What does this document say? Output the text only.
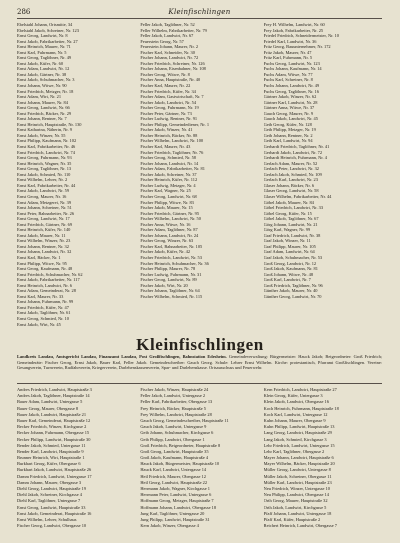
286	Kleinfischlingen
Ebelstahl Johann, Ortsmitte, 34
Ebelstahl Jakob, Schreiner, Nr. 123
Ernst Georg, Landwirt, Nr. 8
Ernst Jakob, Fabrikarbeiter, Nr. 27
Ernst Heinrich, Maurer, Nr. 71
Ernst Karl, Fuhrmann, Nr. 5
Ernst Georg, Taglöhner, Nr. 49
Ernst Jakob, Küfer, Nr. 60
Ernst Adam, Landwirt, Nr. 12
Ernst Jakob, Gärtner, Nr. 38
Ernst Jakob, Schuhmacher, Nr. 3
Ernst Johann, Witwe, Nr. 90
Ernst Friedrich, Metzger, Nr. 18
Ernst Adam, Wirt, Nr. 21
Ernst Johann, Maurer, Nr. 84
Ernst Georg, Landwirt, Nr. 66
Ernst Friedrich, Bäcker, Nr. 29
Ernst Johann, Rentner, Nr. 7
Ernst Heinrich, Hauptstraße, Nr. 130
Ernst Katharina, Näherin, Nr. 9
Ernst Jakob, Winzer, Nr. 55
Ernst Philipp, Kaufmann, Nr. 102
Ernst Karl, Fabrikarbeiter, Nr. 46
Ernst Friedrich, Landwirt, Nr. 74
Ernst Georg, Fuhrmann, Nr. 93
Ernst Heinrich, Wagner, Nr. 35
Ernst Georg, Taglöhner, Nr. 13
Ernst Jakob, Schmied, Nr. 110
Ernst Wilhelm, Lehrer, Nr. 2
Ernst Karl, Fabrikarbeiter, Nr. 44
Ernst Jakob, Landwirt, Nr. 59
Ernst Georg, Maurer, Nr. 16
Ernst Adam, Metzgerei, Nr. 39
Ernst Johann, Schreiner, Nr. 51
Ernst Peter, Bahnarbeiter, Nr. 26
Ernst Georg, Landwirt, Nr. 17
Ernst Friedrich, Gärtner, Nr. 69
Ernst Heinrich, Küfer, Nr. 140
Ernst Jakob, Maurer, Nr. 11
Ernst Wilhelm, Winzer, Nr. 23
Ernst Johann, Rentner, Nr. 32
Ernst Johann, Landwirt, Nr. 32
Ernst Karl, Bäcker, Nr. 1
Ernst Philipp, Witwe, Nr. 95
Ernst Georg, Kaufmann, Nr. 48
Ernst Friedrich, Schuhmacher, Nr. 62
Ernst Jakob, Fabrikarbeiter, Nr. 117
Ernst Heinrich, Landwirt, Nr. 6
Ernst Adam, Gemeinderat, Nr. 28
Ernst Karl, Maurer, Nr. 33
Ernst Johann, Fuhrmann, Nr. 99
Ernst Friedrich, Küfer, Nr. 47
Ernst Jakob, Taglöhner, Nr. 61
Ernst Georg, Schmied, Nr. 10
Ernst Jakob, Wirt, Nr. 45
Feller Jakob, Taglöhner, Nr. 52
Feller Wilhelm, Fabrikarbeiter, Nr. 79
Feller Jakob, Landwirt, Nr. 67
Feuerstein Georg, Nr. 57
Feuerstein Johann, Maurer, Nr. 2
Fischer Karl, Schneider, Nr. 30
Fischer Johann, Landwirt, Nr. 72
Fischer Friedrich, Schreiner, Nr. 126
Fischer Johann, Eisenbahner, Nr. 108
Fischer Georg, Witwe, Nr. 8
Fischer Anna, Hauptstraße, Nr. 40
Fischer Karl, Maurer, Nr. 22
Fischer Friedrich, Küfer, Nr. 34
Fischer Adam, Gastwirtschaft, Nr. 7
Fischer Jakob, Landwirt, Nr. 54
Fischer Georg, Fuhrmann, Nr. 19
Fischer Peter, Gärtner, Nr. 73
Fischer Ludwig, Rentner, Nr. 91
Fischer Philipp, Gemeindediener, Nr. 1
Fischer Jakob, Winzer, Nr. 41
Fischer Heinrich, Bäcker, Nr. 88
Fischer Wilhelm, Landwirt, Nr. 100
Fischer Karl, Maurer, Nr. 43
Fischer Friedrich, Taglöhner, Nr. 76
Fischer Georg, Schmied, Nr. 58
Fischer Johann, Landwirt, Nr. 14
Fischer Adam, Fabrikarbeiter, Nr. 81
Fischer Jakob, Schreiner, Nr. 37
Fischer Heinrich, Küfer, Nr. 112
Fischer Ludwig, Metzger, Nr. 4
Fischer Karl, Wagner, Nr. 25
Fischer Georg, Landwirt, Nr. 68
Fischer Philipp, Witwe, Nr. 83
Fischer Jakob, Maurer, Nr. 15
Fischer Friedrich, Gärtner, Nr. 95
Fischer Wilhelm, Landwirt, Nr. 50
Fischer Anna, Witwe, Nr. 16
Fischer Adam, Taglöhner, Nr. 87
Fischer Johann, Landwirt, Nr. 24
Fischer Georg, Winzer, Nr. 63
Fischer Karl, Bahnarbeiter, Nr. 105
Fischer Jakob, Küfer, Nr. 42
Fischer Friedrich, Landwirt, Nr. 53
Fischer Heinrich, Schuhmacher, Nr. 36
Fischer Philipp, Maurer, Nr. 78
Fischer Ludwig, Fuhrmann, Nr. 31
Fischer Georg, Landwirt, Nr. 89
Fischer Jakob, Wirt, Nr. 20
Fischer Johann, Taglöhner, Nr. 64
Fischer Wilhelm, Schmied, Nr. 115
Frey H. Wilhelm, Landwirt, Nr. 60
Frey Jakob, Fabrikarbeiter, Nr. 25
Friedel Friedrich, Schneidermeister, Nr. 10
Friedel Karl, Landwirt, Nr. 36
Fritz Georg, Bauunternehmer, Nr. 172
Fritz Jakob, Maurer, Nr. 47
Fritz Karl, Fuhrmann, Nr. 5
Fuchs Georg, Landwirt, Nr. 123
Fuchs Johann, Kaufmann, Nr. 14
Fuchs Adam, Witwe, Nr. 77
Fuchs Karl, Schreiner, Nr. 8
Fuchs Johann, Landwirt, Nr. 49
Fuchs Georg, Taglöhner, Nr. 16
Gärtner Jakob, Winzer, Nr. 62
Gärtner Karl, Landwirt, Nr. 28
Gärtner Anna, Witwe, Nr. 37
Gauch Georg, Maurer, Nr. 9
Gauch Jakob, Landwirt, Nr. 45
Geib Georg, Küfer, Nr. 128
Geib Philipp, Metzger, Nr. 19
Geib Johann, Rentner, Nr. 2
Geib Karl, Landwirt, Nr. 94
Gerhardt Friedrich, Taglöhner, Nr. 41
Gerhardt Jakob, Landwirt, Nr. 72
Gerhardt Heinrich, Fuhrmann, Nr. 4
Gerlach Adam, Maurer, Nr. 52
Gerlach Peter, Landwirt, Nr. 32
Gerlach Jakob, Schmied, Nr. 109
Gerlach Karl, Landwirt, Nr. 23
Glaser Johann, Bäcker, Nr. 6
Glaser Georg, Landwirt, Nr. 58
Glaser Wilhelm, Fabrikarbeiter, Nr. 44
Göbel Jakob, Maurer, Nr. 84
Göbel Friedrich, Landwirt, Nr. 33
Göbel Georg, Küfer, Nr. 15
Göbel Jakob, Taglöhner, Nr. 67
Görg Johann, Landwirt, Nr. 21
Görg Karl, Wagner, Nr. 99
Graf Friedrich, Landwirt, Nr. 38
Graf Jakob, Winzer, Nr. 11
Graf Philipp, Maurer, Nr. 105
Graf Adam, Landwirt, Nr. 64
Graf Jakob, Schuhmacher, Nr. 53
Groß Georg, Landwirt, Nr. 12
Groß Jakob, Kaufmann, Nr. 81
Groß Johann, Witwe, Nr. 48
Groß Karl, Landwirt, Nr. 7
Groß Friedrich, Taglöhner, Nr. 96
Günther Jakob, Maurer, Nr. 40
Günther Georg, Landwirt, Nr. 70
Kleinfischlingen
Landkreis Landau, Amtsgericht Landau, Finanzamt Landau, Post Großfischlingen, Bahnstation Edesheim. Gemeindeverwaltung: Bürgermeister: Hauck Jakob; Beigeordneter: Groß Friedrich; Gemeinderäte: Fischer Georg, Ernst Jakob, Bauer Karl, Feller Jakob. Gemeindeschreiber: Gauch Georg. Schule: Lehrer Ernst Wilhelm. Kirche: protestantisch, Pfarramt Großfischlingen. Vereine: Gesangverein, Turnverein, Radfahrverein, Kriegerverein, Darlehenskassenverein, Spar- und Darlehenskasse. Ortsausschuss und Feuerwehr.
Andres Friedrich, Landwirt, Hauptstraße 3
Andres Jakob, Taglöhner, Hauptstraße 14
Bauer Adam, Landwirt, Untergasse 5
Bauer Georg, Maurer, Obergasse 8
Bauer Jakob, Landwirt, Hauptstraße 21
Bauer Karl, Gemeinderat, Hauptstraße 12
Becker Friedrich, Winzer, Kirchgasse 2
Becker Johann, Fuhrmann, Obergasse 15
Becker Philipp, Landwirt, Hauptstraße 30
Bender Jakob, Schmied, Untergasse 11
Bender Karl, Landwirt, Hauptstraße 9
Brunner Heinrich, Wirt, Hauptstraße 1
Burkhart Georg, Küfer, Obergasse 6
Burkhart Jakob, Landwirt, Hauptstraße 26
Damm Friedrich, Landwirt, Untergasse 17
Damm Johann, Maurer, Obergasse 3
Diehl Georg, Landwirt, Hauptstraße 19
Diehl Jakob, Schreiner, Kirchgasse 4
Diehl Karl, Taglöhner, Untergasse 7
Ernst Georg, Landwirt, Hauptstraße 33
Ernst Jakob, Gemeinderat, Hauptstraße 16
Ernst Wilhelm, Lehrer, Schulhaus
Fischer Georg, Landwirt, Obergasse 10
Fischer Jakob, Winzer, Hauptstraße 24
Feller Jakob, Landwirt, Untergasse 2
Feller Karl, Fabrikarbeiter, Obergasse 13
Frey Heinrich, Bäcker, Hauptstraße 5
Frey Wilhelm, Landwirt, Hauptstraße 28
Gauch Georg, Gemeindeschreiber, Hauptstraße 11
Gauch Jakob, Landwirt, Untergasse 9
Geib Johann, Schuhmacher, Kirchgasse 6
Geib Philipp, Landwirt, Obergasse 1
Groß Friedrich, Beigeordneter, Hauptstraße 8
Groß Georg, Landwirt, Hauptstraße 35
Groß Jakob, Kaufmann, Hauptstraße 4
Hauck Jakob, Bürgermeister, Hauptstraße 10
Hauck Karl, Landwirt, Untergasse 14
Heil Friedrich, Maurer, Obergasse 12
Heil Georg, Landwirt, Hauptstraße 22
Herrmann Jakob, Wagner, Kirchgasse 1
Herrmann Peter, Landwirt, Untergasse 6
Hoffmann Georg, Metzger, Hauptstraße 7
Hoffmann Johann, Landwirt, Obergasse 18
Jung Karl, Taglöhner, Untergasse 20
Jung Philipp, Landwirt, Hauptstraße 31
Kern Jakob, Winzer, Obergasse 4
Kern Friedrich, Landwirt, Hauptstraße 27
Klein Georg, Küfer, Untergasse 3
Klein Jakob, Landwirt, Obergasse 16
Koch Heinrich, Fuhrmann, Hauptstraße 18
Koch Karl, Landwirt, Untergasse 12
Kuhn Johann, Maurer, Obergasse 9
Kuhn Philipp, Landwirt, Hauptstraße 13
Lang Georg, Landwirt, Hauptstraße 29
Lang Jakob, Schmied, Kirchgasse 3
Lehr Friedrich, Landwirt, Untergasse 15
Lehr Karl, Taglöhner, Obergasse 2
Mayer Johann, Landwirt, Hauptstraße 6
Mayer Wilhelm, Bäcker, Hauptstraße 20
Müller Georg, Landwirt, Untergasse 8
Müller Jakob, Schreiner, Obergasse 11
Müller Karl, Landwirt, Hauptstraße 23
Neu Friedrich, Winzer, Untergasse 10
Neu Philipp, Landwirt, Obergasse 14
Orth Georg, Maurer, Hauptstraße 32
Orth Jakob, Landwirt, Kirchgasse 5
Pfaff Johann, Landwirt, Untergasse 18
Pfaff Karl, Küfer, Hauptstraße 2
Reichert Heinrich, Landwirt, Obergasse 7
